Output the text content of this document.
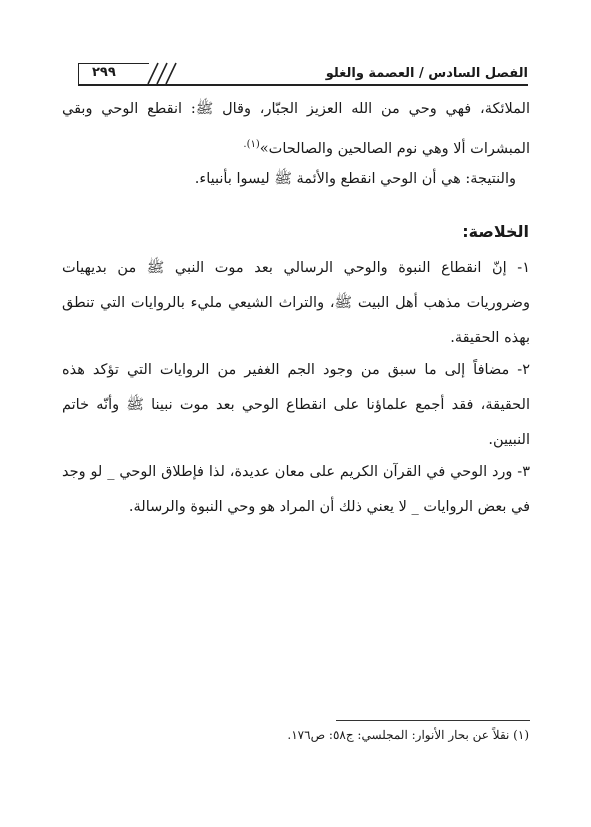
٢٩٩	الفصل السادس / العصمة والغلو

الملائكة، فهي وحي من الله العزيز الجبّار، وقال ﷺ: انقطع الوحي وبقي المبشرات ألا وهي نوم الصالحين والصالحات»$^{(١).}$

والنتيجة: هي أن الوحي انقطع والأئمة ﷺ ليسوا بأنبياء.

الخلاصة:

١- إنّ انقطاع النبوة والوحي الرسالي بعد موت النبي ﷺ من بديهيات وضروريات مذهب أهل البيت ﷺ، والتراث الشيعي مليء بالروايات التي تنطق بهذه الحقيقة.

٢- مضافاً إلى ما سبق من وجود الجم الغفير من الروايات التي تؤكد هذه الحقيقة، فقد أجمع علماؤنا على انقطاع الوحي بعد موت نبينا ﷺ وأنّه خاتم النبيين.

٣- ورد الوحي في القرآن الكريم على معان عديدة، لذا فإطلاق الوحي _ لو وجد في بعض الروايات _ لا يعني ذلك أن المراد هو وحي النبوة والرسالة.

(١) نقلاً عن بحار الأنوار: المجلسي: ج٥٨: ص١٧٦.
